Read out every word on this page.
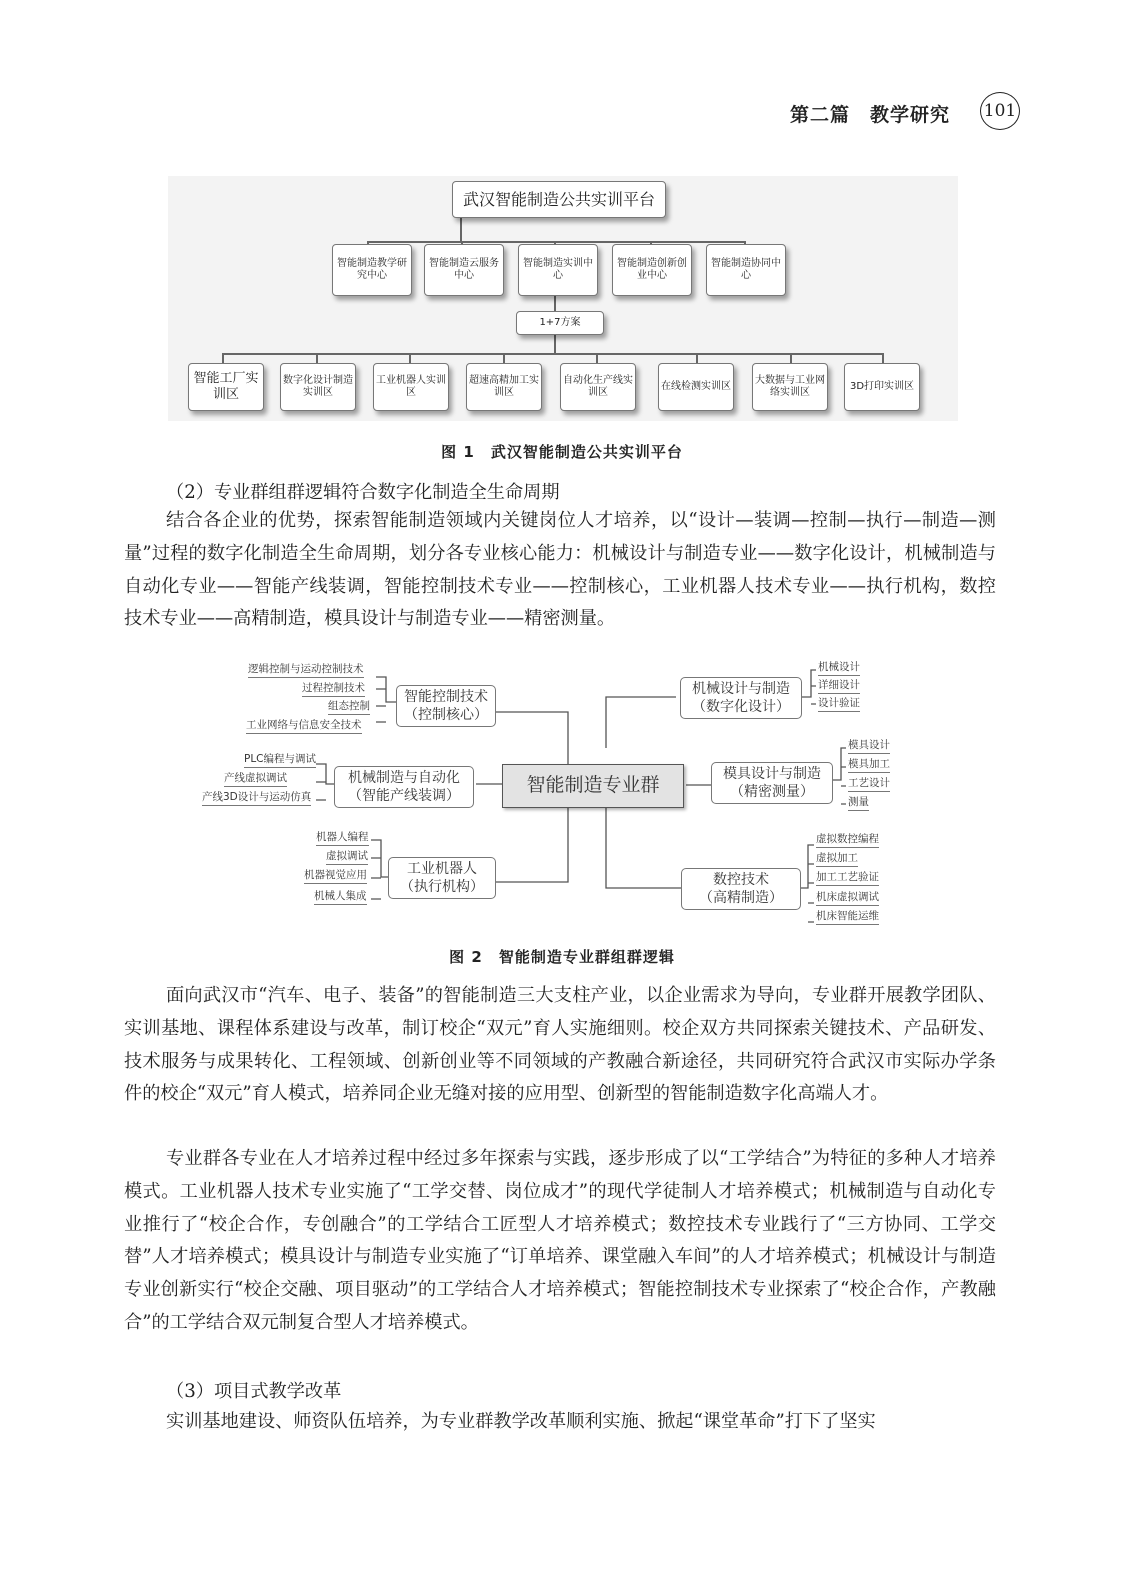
第二篇　教学研究 101
武汉智能制造公共实训平台
智能制造教学研究中心
智能制造云服务中心
智能制造实训中心
智能制造创新创业中心
智能制造协同中心
1+7方案
智能工厂实训区
数字化设计制造实训区
工业机器人实训区
超速高精加工实训区
自动化生产线实训区
在线检测实训区
大数据与工业网络实训区
3D打印实训区
图 1　武汉智能制造公共实训平台

（2）专业群组群逻辑符合数字化制造全生命周期

结合各企业的优势，探索智能制造领域内关键岗位人才培养，以“设计—装调—控制—执行—制造—测量”过程的数字化制造全生命周期，划分各专业核心能力：机械设计与制造专业——数字化设计，机械制造与自动化专业——智能产线装调，智能控制技术专业——控制核心，工业机器人技术专业——执行机构，数控技术专业——高精制造，模具设计与制造专业——精密测量。

智能制造专业群
智能控制技术
（控制核心）
逻辑控制与运动控制技术
过程控制技术
组态控制
工业网络与信息安全技术
机械制造与自动化
（智能产线装调）
PLC编程与调试
产线虚拟调试
产线3D设计与运动仿真
工业机器人
（执行机构）
机器人编程
虚拟调试
机器视觉应用
机械人集成
机械设计与制造
（数字化设计）
机械设计
详细设计
设计验证
模具设计与制造
（精密测量）
模具设计
模具加工
工艺设计
测量
数控技术
（高精制造）
虚拟数控编程
虚拟加工
加工工艺验证
机床虚拟调试
机床智能运维
图 2　智能制造专业群组群逻辑

面向武汉市“汽车、电子、装备”的智能制造三大支柱产业，以企业需求为导向，专业群开展教学团队、实训基地、课程体系建设与改革，制订校企“双元”育人实施细则。校企双方共同探索关键技术、产品研发、技术服务与成果转化、工程领域、创新创业等不同领域的产教融合新途径，共同研究符合武汉市实际办学条件的校企“双元”育人模式，培养同企业无缝对接的应用型、创新型的智能制造数字化高端人才。

专业群各专业在人才培养过程中经过多年探索与实践，逐步形成了以“工学结合”为特征的多种人才培养模式。工业机器人技术专业实施了“工学交替、岗位成才”的现代学徒制人才培养模式；机械制造与自动化专业推行了“校企合作，专创融合”的工学结合工匠型人才培养模式；数控技术专业践行了“三方协同、工学交替”人才培养模式；模具设计与制造专业实施了“订单培养、课堂融入车间”的人才培养模式；机械设计与制造专业创新实行“校企交融、项目驱动”的工学结合人才培养模式；智能控制技术专业探索了“校企合作，产教融合”的工学结合双元制复合型人才培养模式。

（3）项目式教学改革

实训基地建设、师资队伍培养，为专业群教学改革顺利实施、掀起“课堂革命”打下了坚实
